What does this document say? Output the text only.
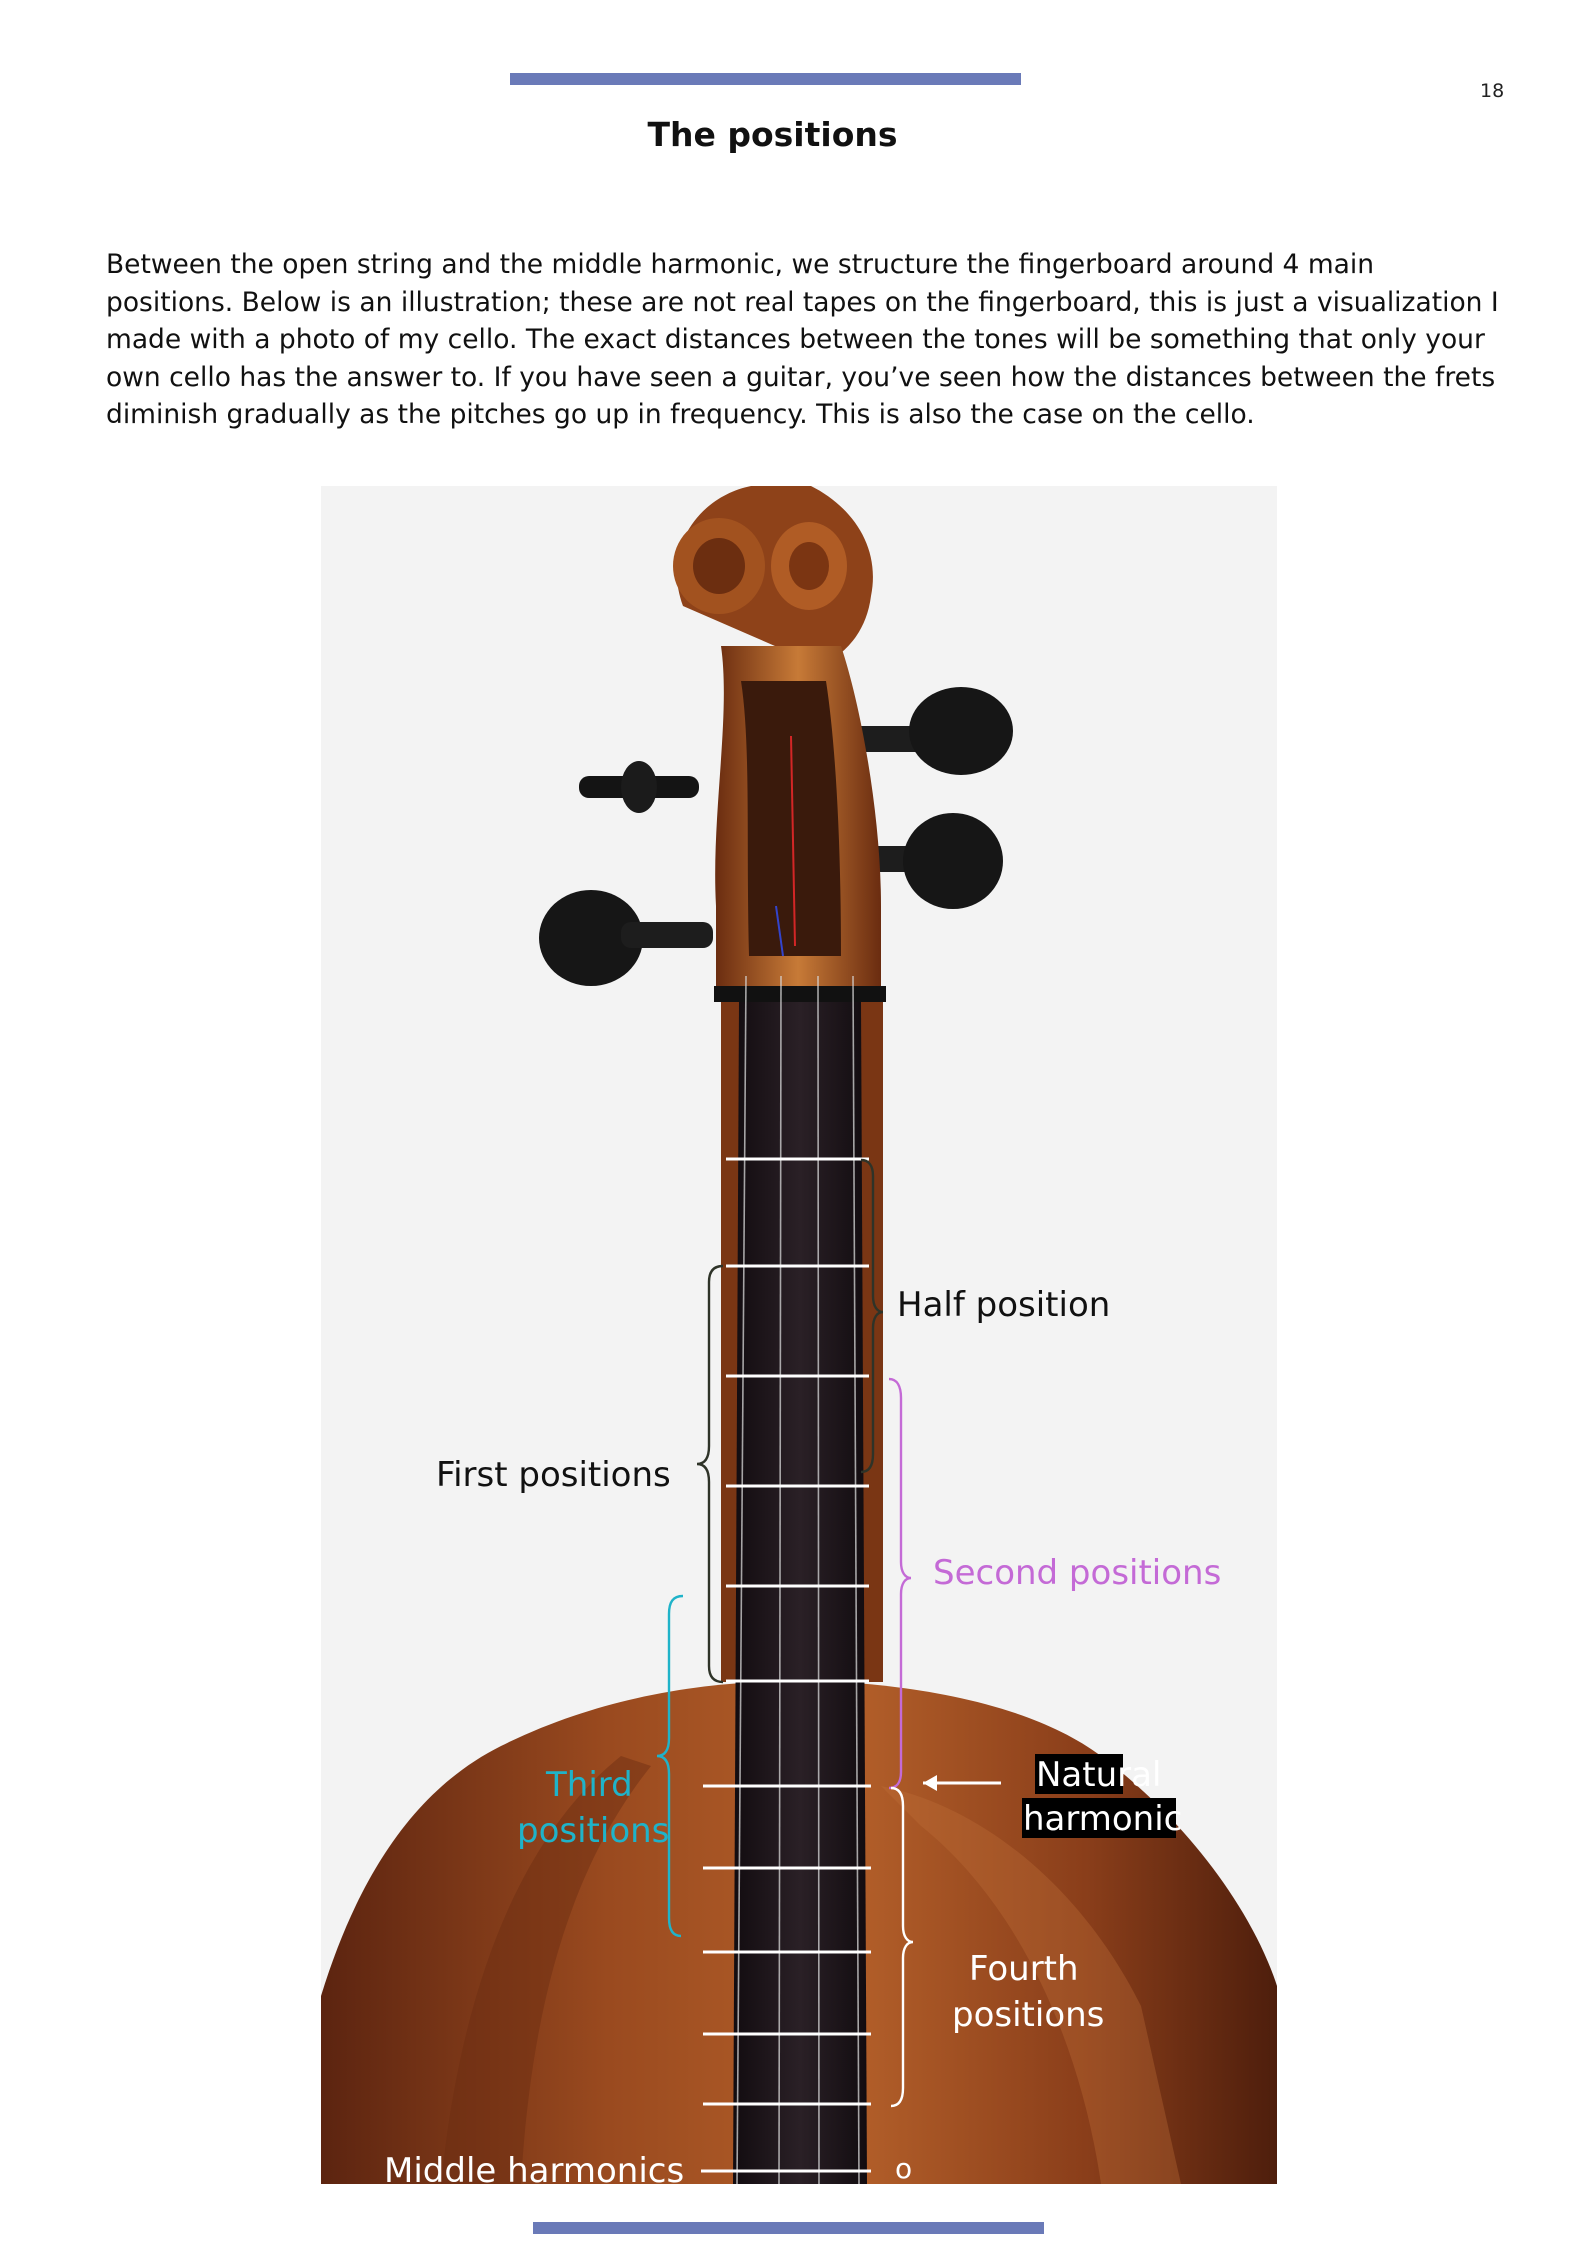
18
The positions

Between the open string and the middle harmonic, we structure the fingerboard around 4 main positions. Below is an illustration; these are not real tapes on the fingerboard, this is just a visualization I made with a photo of my cello. The exact distances between the tones will be something that only your own cello has the answer to. If you have seen a guitar, you’ve seen how the distances between the frets diminish gradually as the pitches go up in frequency. This is also the case on the cello.

Half position
First positions
Second positions
Third
positions
Natural
harmonic
Fourth
positions
Middle harmonics	o
